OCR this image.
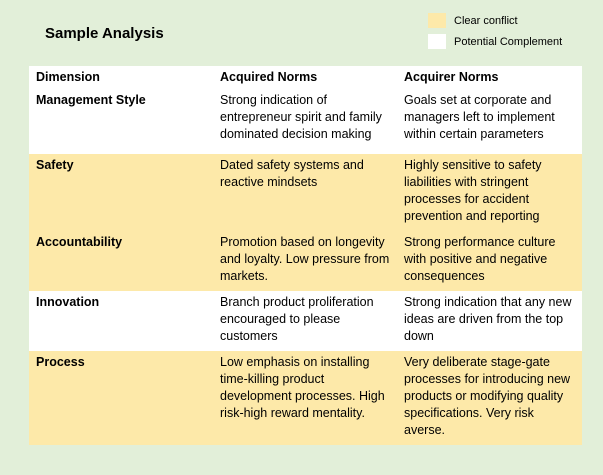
Sample Analysis
Clear conflict
Potential Complement
Dimension	Acquired Norms	Acquirer Norms
Management Style	Strong indication of entrepreneur spirit and family dominated decision making	Goals set at corporate and managers left to implement within certain parameters
Safety	Dated safety systems and reactive mindsets	Highly sensitive to safety liabilities with stringent processes for accident prevention and reporting
Accountability	Promotion based on longevity and loyalty. Low pressure from markets.	Strong performance culture with positive and negative consequences
Innovation	Branch product proliferation encouraged to please customers	Strong indication that any new ideas are driven from the top down
Process	Low emphasis on installing time-killing product development processes. High risk-high reward mentality.	Very deliberate stage-gate processes for introducing new products or modifying quality specifications. Very risk averse.
